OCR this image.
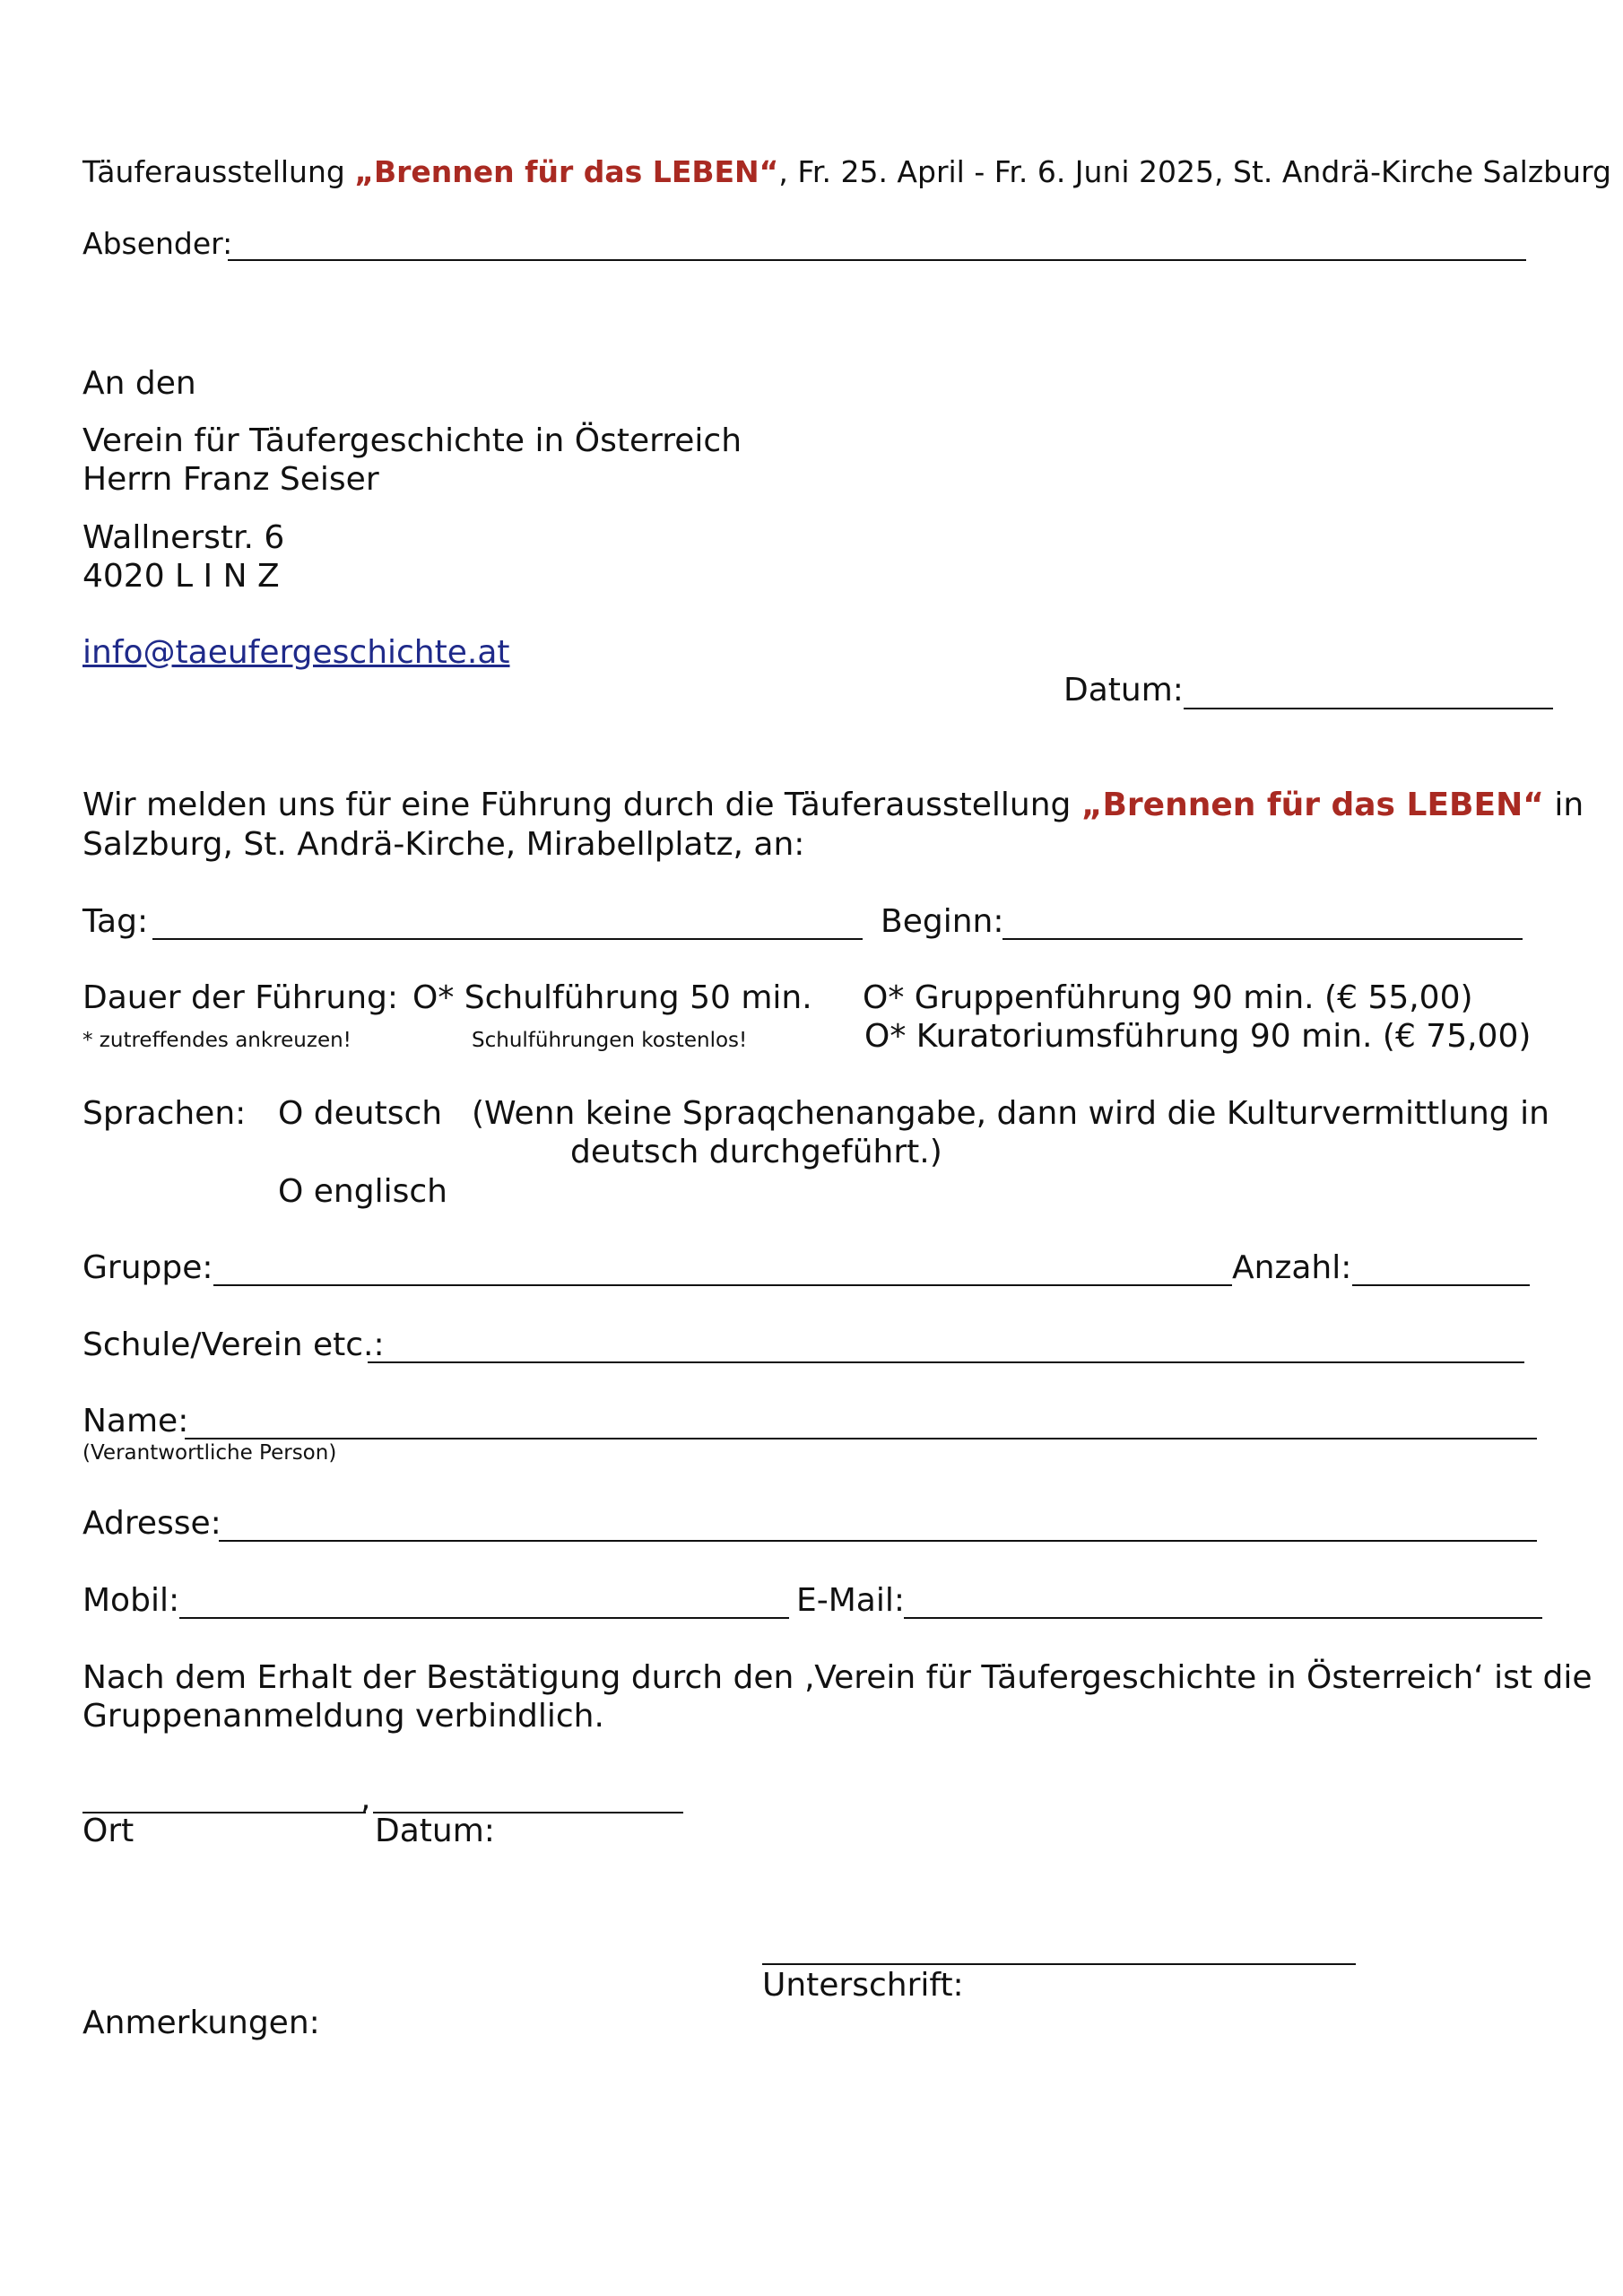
Täuferausstellung „Brennen für das LEBEN“, Fr. 25. April - Fr. 6. Juni 2025, St. Andrä-Kirche Salzburg
Absender:
An den
Verein für Täufergeschichte in Österreich
Herrn Franz Seiser
Wallnerstr. 6
4020 L I N Z
info@taeufergeschichte.at
Datum:
Wir melden uns für eine Führung durch die Täuferausstellung „Brennen für das LEBEN“ in
Salzburg, St. Andrä-Kirche, Mirabellplatz, an:
Tag:	Beginn:
Dauer der Führung: O* Schulführung 50 min. O* Gruppenführung 90 min. (€ 55,00)
* zutreffendes ankreuzen!	Schulführungen kostenlos!	O* Kuratoriumsführung 90 min. (€ 75,00)
Sprachen: O deutsch (Wenn keine Spraqchenangabe, dann wird die Kulturvermittlung in
deutsch durchgeführt.)
O englisch
Gruppe:	Anzahl:
Schule/Verein etc.:
Name:
(Verantwortliche Person)
Adresse:
Mobil:	E-Mail:
Nach dem Erhalt der Bestätigung durch den ‚Verein für Täufergeschichte in Österreich‘ ist die
Gruppenanmeldung verbindlich.
,
Ort	Datum:
Unterschrift:
Anmerkungen:
